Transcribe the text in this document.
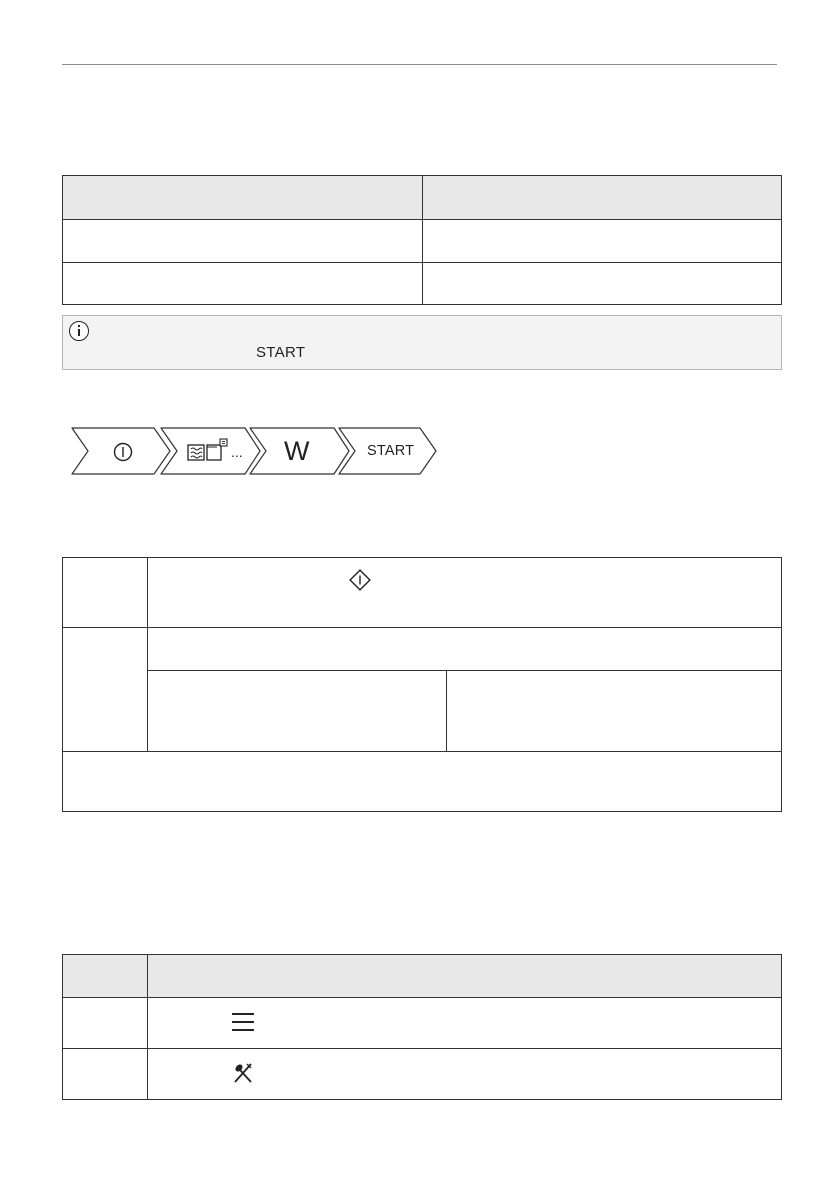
START
... W	START
